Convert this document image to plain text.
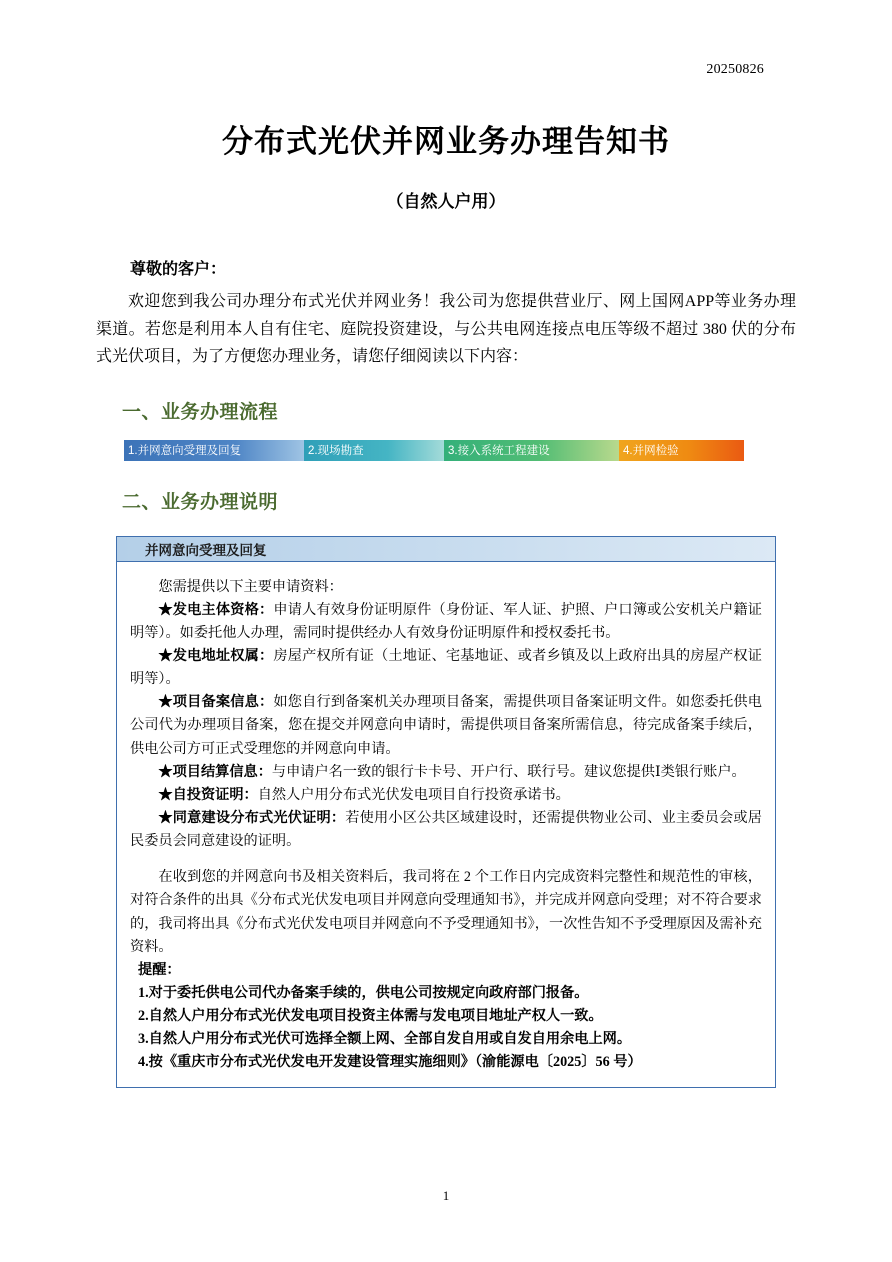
20250826
分布式光伏并网业务办理告知书
（自然人户用）
尊敬的客户：

欢迎您到我公司办理分布式光伏并网业务！我公司为您提供营业厅、网上国网APP等业务办理渠道。若您是利用本人自有住宅、庭院投资建设，与公共电网连接点电压等级不超过 380 伏的分布式光伏项目，为了方便您办理业务，请您仔细阅读以下内容：

一、业务办理流程
1.并网意向受理及回复	2.现场勘查	3.接入系统工程建设	4.并网检验
二、业务办理说明
并网意向受理及回复

您需提供以下主要申请资料：

★发电主体资格：申请人有效身份证明原件（身份证、军人证、护照、户口簿或公安机关户籍证明等）。如委托他人办理，需同时提供经办人有效身份证明原件和授权委托书。

★发电地址权属：房屋产权所有证（土地证、宅基地证、或者乡镇及以上政府出具的房屋产权证明等）。

★项目备案信息：如您自行到备案机关办理项目备案，需提供项目备案证明文件。如您委托供电公司代为办理项目备案，您在提交并网意向申请时，需提供项目备案所需信息，待完成备案手续后，供电公司方可正式受理您的并网意向申请。

★项目结算信息：与申请户名一致的银行卡卡号、开户行、联行号。建议您提供Ⅰ类银行账户。

★自投资证明：自然人户用分布式光伏发电项目自行投资承诺书。

★同意建设分布式光伏证明：若使用小区公共区域建设时，还需提供物业公司、业主委员会或居民委员会同意建设的证明。

在收到您的并网意向书及相关资料后，我司将在 2 个工作日内完成资料完整性和规范性的审核，对符合条件的出具《分布式光伏发电项目并网意向受理通知书》，并完成并网意向受理；对不符合要求的，我司将出具《分布式光伏发电项目并网意向不予受理通知书》，一次性告知不予受理原因及需补充资料。

提醒：

1.对于委托供电公司代办备案手续的，供电公司按规定向政府部门报备。

2.自然人户用分布式光伏发电项目投资主体需与发电项目地址产权人一致。

3.自然人户用分布式光伏可选择全额上网、全部自发自用或自发自用余电上网。

4.按《重庆市分布式光伏发电开发建设管理实施细则》（渝能源电〔2025〕56 号）

1
